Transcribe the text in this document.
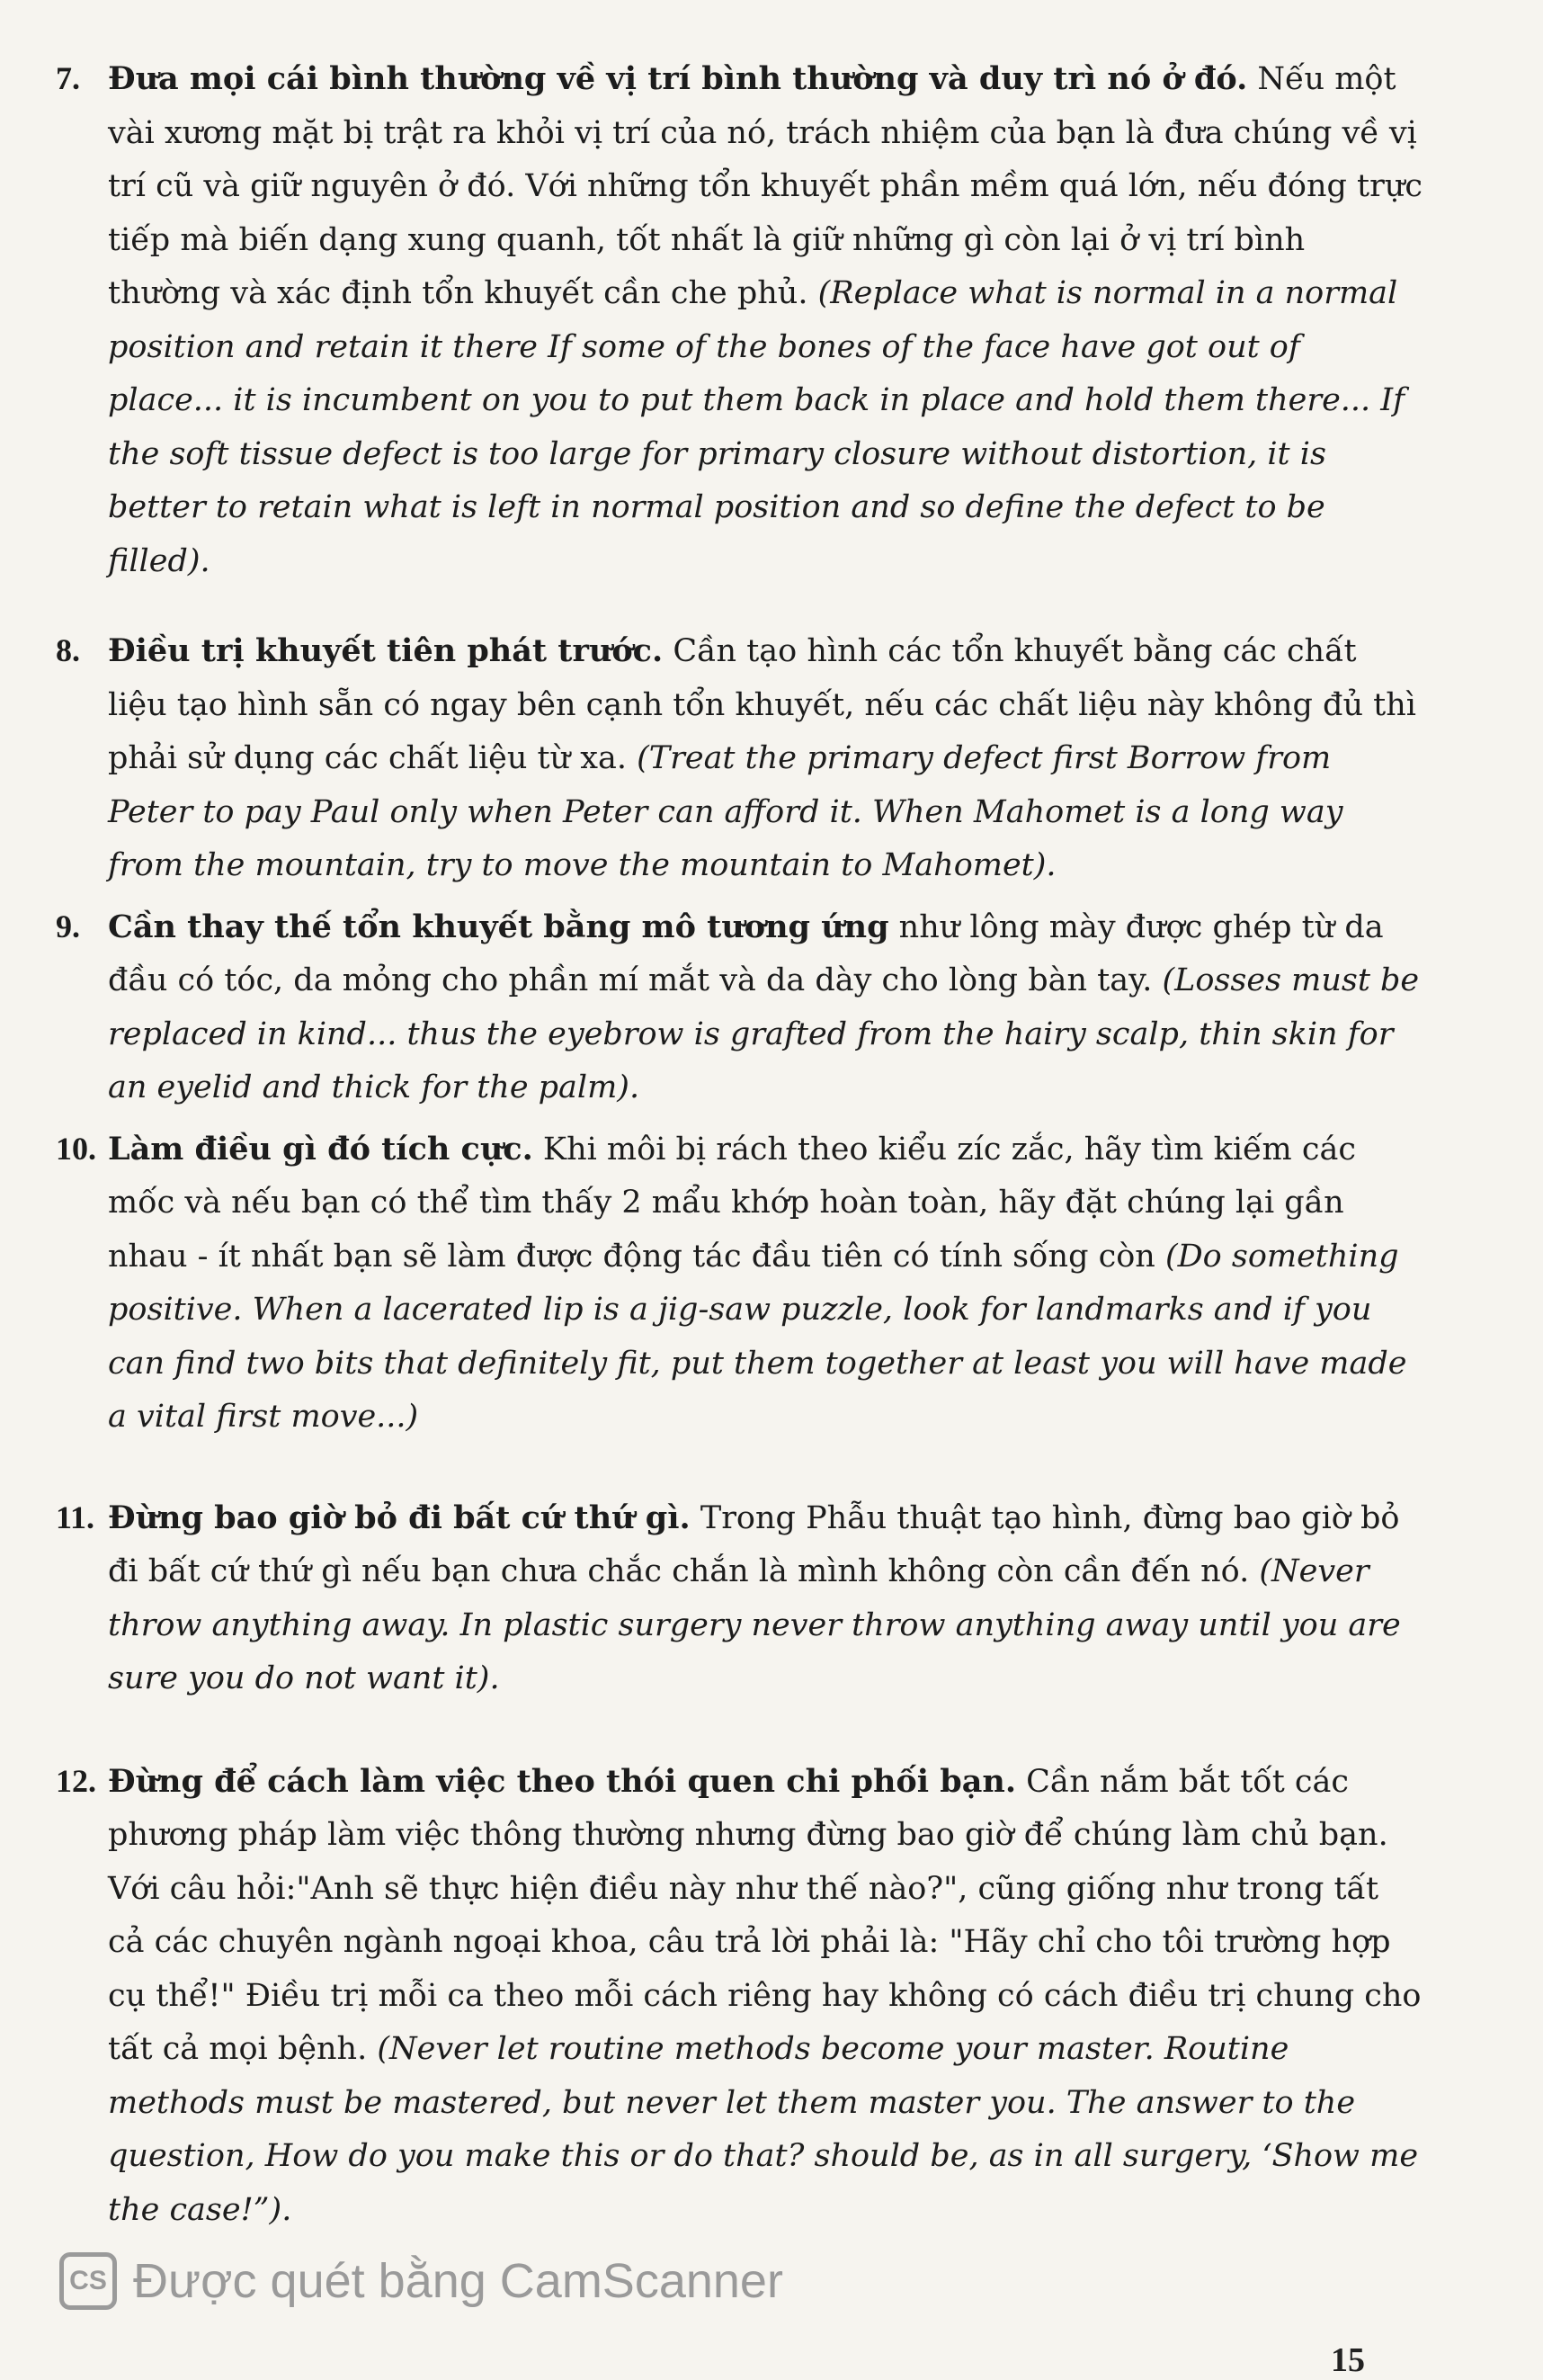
7. Đưa mọi cái bình thường về vị trí bình thường và duy trì nó ở đó. Nếu một vài xương mặt bị trật ra khỏi vị trí của nó, trách nhiệm của bạn là đưa chúng về vị trí cũ và giữ nguyên ở đó. Với những tổn khuyết phần mềm quá lớn, nếu đóng trực tiếp mà biến dạng xung quanh, tốt nhất là giữ những gì còn lại ở vị trí bình thường và xác định tổn khuyết cần che phủ. (Replace what is normal in a normal position and retain it there If some of the bones of the face have got out of place... it is incumbent on you to put them back in place and hold them there... If the soft tissue defect is too large for primary closure without distortion, it is better to retain what is left in normal position and so define the defect to be filled).
8. Điều trị khuyết tiên phát trước. Cần tạo hình các tổn khuyết bằng các chất liệu tạo hình sẵn có ngay bên cạnh tổn khuyết, nếu các chất liệu này không đủ thì phải sử dụng các chất liệu từ xa. (Treat the primary defect first Borrow from Peter to pay Paul only when Peter can afford it. When Mahomet is a long way from the mountain, try to move the mountain to Mahomet).
9. Cần thay thế tổn khuyết bằng mô tương ứng như lông mày được ghép từ da đầu có tóc, da mỏng cho phần mí mắt và da dày cho lòng bàn tay. (Losses must be replaced in kind... thus the eyebrow is grafted from the hairy scalp, thin skin for an eyelid and thick for the palm).
10. Làm điều gì đó tích cực. Khi môi bị rách theo kiểu zíc zắc, hãy tìm kiếm các mốc và nếu bạn có thể tìm thấy 2 mẩu khớp hoàn toàn, hãy đặt chúng lại gần nhau - ít nhất bạn sẽ làm được động tác đầu tiên có tính sống còn (Do something positive. When a lacerated lip is a jig-saw puzzle, look for landmarks and if you can find two bits that definitely fit, put them together at least you will have made a vital first move...)
11. Đừng bao giờ bỏ đi bất cứ thứ gì. Trong Phẫu thuật tạo hình, đừng bao giờ bỏ đi bất cứ thứ gì nếu bạn chưa chắc chắn là mình không còn cần đến nó. (Never throw anything away. In plastic surgery never throw anything away until you are sure you do not want it).
12. Đừng để cách làm việc theo thói quen chi phối bạn. Cần nắm bắt tốt các phương pháp làm việc thông thường nhưng đừng bao giờ để chúng làm chủ bạn. Với câu hỏi:"Anh sẽ thực hiện điều này như thế nào?", cũng giống như trong tất cả các chuyên ngành ngoại khoa, câu trả lời phải là: "Hãy chỉ cho tôi trường hợp cụ thể!" Điều trị mỗi ca theo mỗi cách riêng hay không có cách điều trị chung cho tất cả mọi bệnh. (Never let routine methods become your master. Routine methods must be mastered, but never let them master you. The answer to the question, How do you make this or do that? should be, as in all surgery, ‘Show me the case!”).
CS Được quét bằng CamScanner
15
